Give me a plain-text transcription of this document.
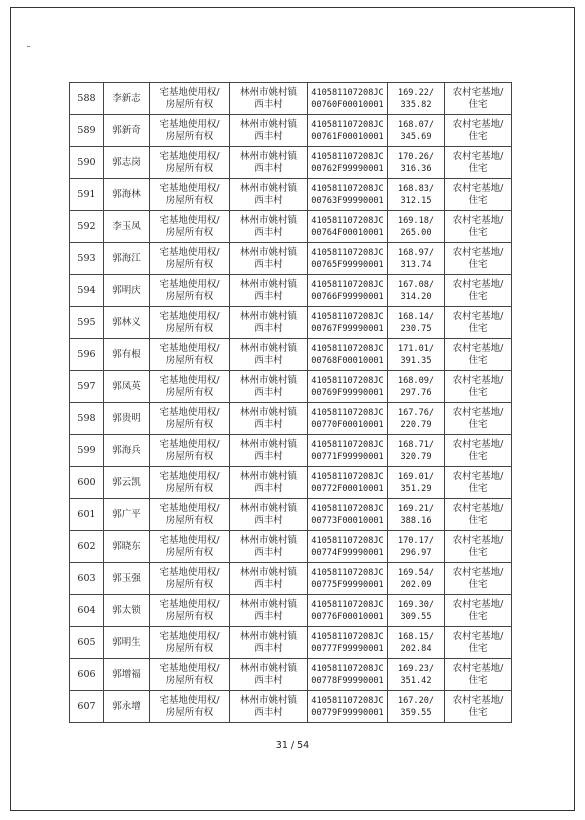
588	李新志	宅基地使用权/
房屋所有权	林州市姚村镇
西丰村	410581107208JC
00760F00010001	169.22/
335.82	农村宅基地/
住宅

589	郭新奇	宅基地使用权/
房屋所有权	林州市姚村镇
西丰村	410581107208JC
00761F00010001	168.07/
345.69	农村宅基地/
住宅

590	郭志岗	宅基地使用权/
房屋所有权	林州市姚村镇
西丰村	410581107208JC
00762F99990001	170.26/
316.36	农村宅基地/
住宅

591	郭海林	宅基地使用权/
房屋所有权	林州市姚村镇
西丰村	410581107208JC
00763F99990001	168.83/
312.15	农村宅基地/
住宅

592	李玉凤	宅基地使用权/
房屋所有权	林州市姚村镇
西丰村	410581107208JC
00764F00010001	169.18/
265.00	农村宅基地/
住宅

593	郭海江	宅基地使用权/
房屋所有权	林州市姚村镇
西丰村	410581107208JC
00765F99990001	168.97/
313.74	农村宅基地/
住宅

594	郭明庆	宅基地使用权/
房屋所有权	林州市姚村镇
西丰村	410581107208JC
00766F99990001	167.08/
314.20	农村宅基地/
住宅

595	郭林义	宅基地使用权/
房屋所有权	林州市姚村镇
西丰村	410581107208JC
00767F99990001	168.14/
230.75	农村宅基地/
住宅

596	郭有根	宅基地使用权/
房屋所有权	林州市姚村镇
西丰村	410581107208JC
00768F00010001	171.01/
391.35	农村宅基地/
住宅

597	郭凤英	宅基地使用权/
房屋所有权	林州市姚村镇
西丰村	410581107208JC
00769F99990001	168.09/
297.76	农村宅基地/
住宅

598	郭贵明	宅基地使用权/
房屋所有权	林州市姚村镇
西丰村	410581107208JC
00770F00010001	167.76/
220.79	农村宅基地/
住宅

599	郭海兵	宅基地使用权/
房屋所有权	林州市姚村镇
西丰村	410581107208JC
00771F99990001	168.71/
320.79	农村宅基地/
住宅

600	郭云凯	宅基地使用权/
房屋所有权	林州市姚村镇
西丰村	410581107208JC
00772F00010001	169.01/
351.29	农村宅基地/
住宅

601	郭广平	宅基地使用权/
房屋所有权	林州市姚村镇
西丰村	410581107208JC
00773F00010001	169.21/
388.16	农村宅基地/
住宅

602	郭晓东	宅基地使用权/
房屋所有权	林州市姚村镇
西丰村	410581107208JC
00774F99990001	170.17/
296.97	农村宅基地/
住宅

603	郭玉强	宅基地使用权/
房屋所有权	林州市姚村镇
西丰村	410581107208JC
00775F99990001	169.54/
202.09	农村宅基地/
住宅

604	郭太锁	宅基地使用权/
房屋所有权	林州市姚村镇
西丰村	410581107208JC
00776F00010001	169.30/
309.55	农村宅基地/
住宅

605	郭明生	宅基地使用权/
房屋所有权	林州市姚村镇
西丰村	410581107208JC
00777F99990001	168.15/
202.84	农村宅基地/
住宅

606	郭增福	宅基地使用权/
房屋所有权	林州市姚村镇
西丰村	410581107208JC
00778F99990001	169.23/
351.42	农村宅基地/
住宅

607	郭永增	宅基地使用权/
房屋所有权	林州市姚村镇
西丰村	410581107208JC
00779F99990001	167.20/
359.55	农村宅基地/
住宅
31 / 54
